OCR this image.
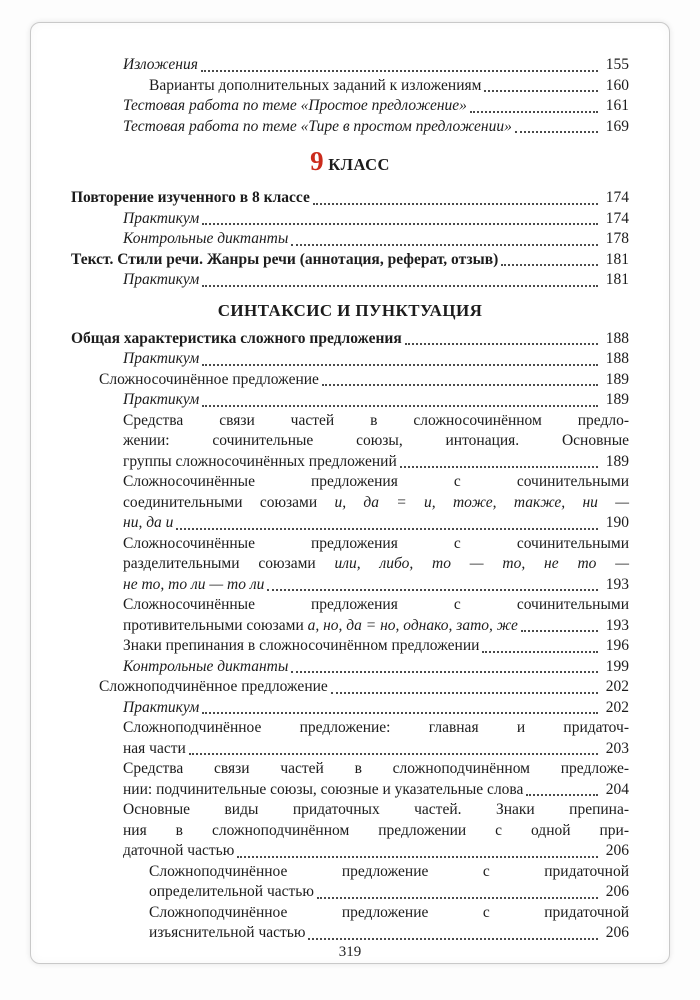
Изложения	155
Варианты дополнительных заданий к изложениям	160
Тестовая работа по теме «Простое предложение»	161
Тестовая работа по теме «Тире в простом предложении»	169
9 КЛАСС
Повторение изученного в 8 классе	174
Практикум	174
Контрольные диктанты	178
Текст. Стили речи. Жанры речи (аннотация, реферат, отзыв)	181
Практикум	181
СИНТАКСИС И ПУНКТУАЦИЯ
Общая характеристика сложного предложения	188
Практикум	188
Сложносочинённое предложение	189
Практикум	189
Средства связи частей в сложносочинённом предло-
жении: сочинительные союзы, интонация. Основные
группы сложносочинённых предложений	189
Сложносочинённые предложения с сочинительными
соединительными союзами и, да = и, тоже, также, ни —
ни, да и	190
Сложносочинённые предложения с сочинительными
разделительными союзами или, либо, то — то, не то —
не то, то ли — то ли	193
Сложносочинённые предложения с сочинительными
противительными союзами а, но, да = но, однако, зато, же	193
Знаки препинания в сложносочинённом предложении	196
Контрольные диктанты	199
Сложноподчинённое предложение	202
Практикум	202
Сложноподчинённое предложение: главная и придаточ-
ная части	203
Средства связи частей в сложноподчинённом предложе-
нии: подчинительные союзы, союзные и указательные слова	204
Основные виды придаточных частей. Знаки препина-
ния в сложноподчинённом предложении с одной при-
даточной частью	206
Сложноподчинённое предложение с придаточной
определительной частью	206
Сложноподчинённое предложение с придаточной
изъяснительной частью	206
319
